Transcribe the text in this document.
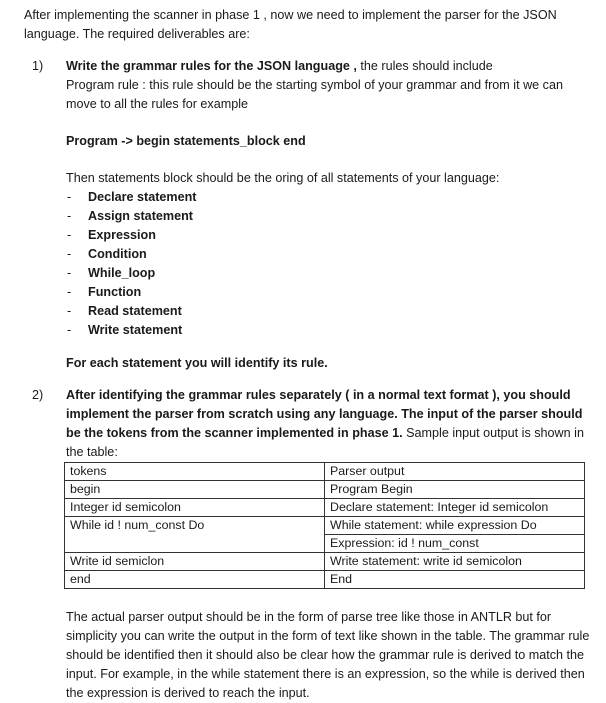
After implementing the scanner in phase 1 , now we need to implement the parser for the JSON language. The required deliverables are:

1) Write the grammar rules for the JSON language , the rules should include

Program rule : this rule should be the starting symbol of your grammar and from it we can move to all the rules for example

Program -> begin statements_block end

Then statements block should be the oring of all statements of your language:

- Declare statement
- Assign statement
- Expression
- Condition
- While_loop
- Function
- Read statement
- Write statement

For each statement you will identify its rule.

2) After identifying the grammar rules separately ( in a normal text format ), you should implement the parser from scratch using any language. The input of the parser should be the tokens from the scanner implemented in phase 1. Sample input output is shown in the table:

tokens	Parser output
begin	Program Begin
Integer id semicolon	Declare statement: Integer id semicolon
While id ! num_const Do	While statement: while expression Do
	Expression: id ! num_const
Write id semiclon	Write statement: write id semicolon
end	End

The actual parser output should be in the form of parse tree like those in ANTLR but for simplicity you can write the output in the form of text like shown in the table. The grammar rule should be identified then it should also be clear how the grammar rule is derived to match the input. For example, in the while statement there is an expression, so the while is derived then the expression is derived to reach the input.
